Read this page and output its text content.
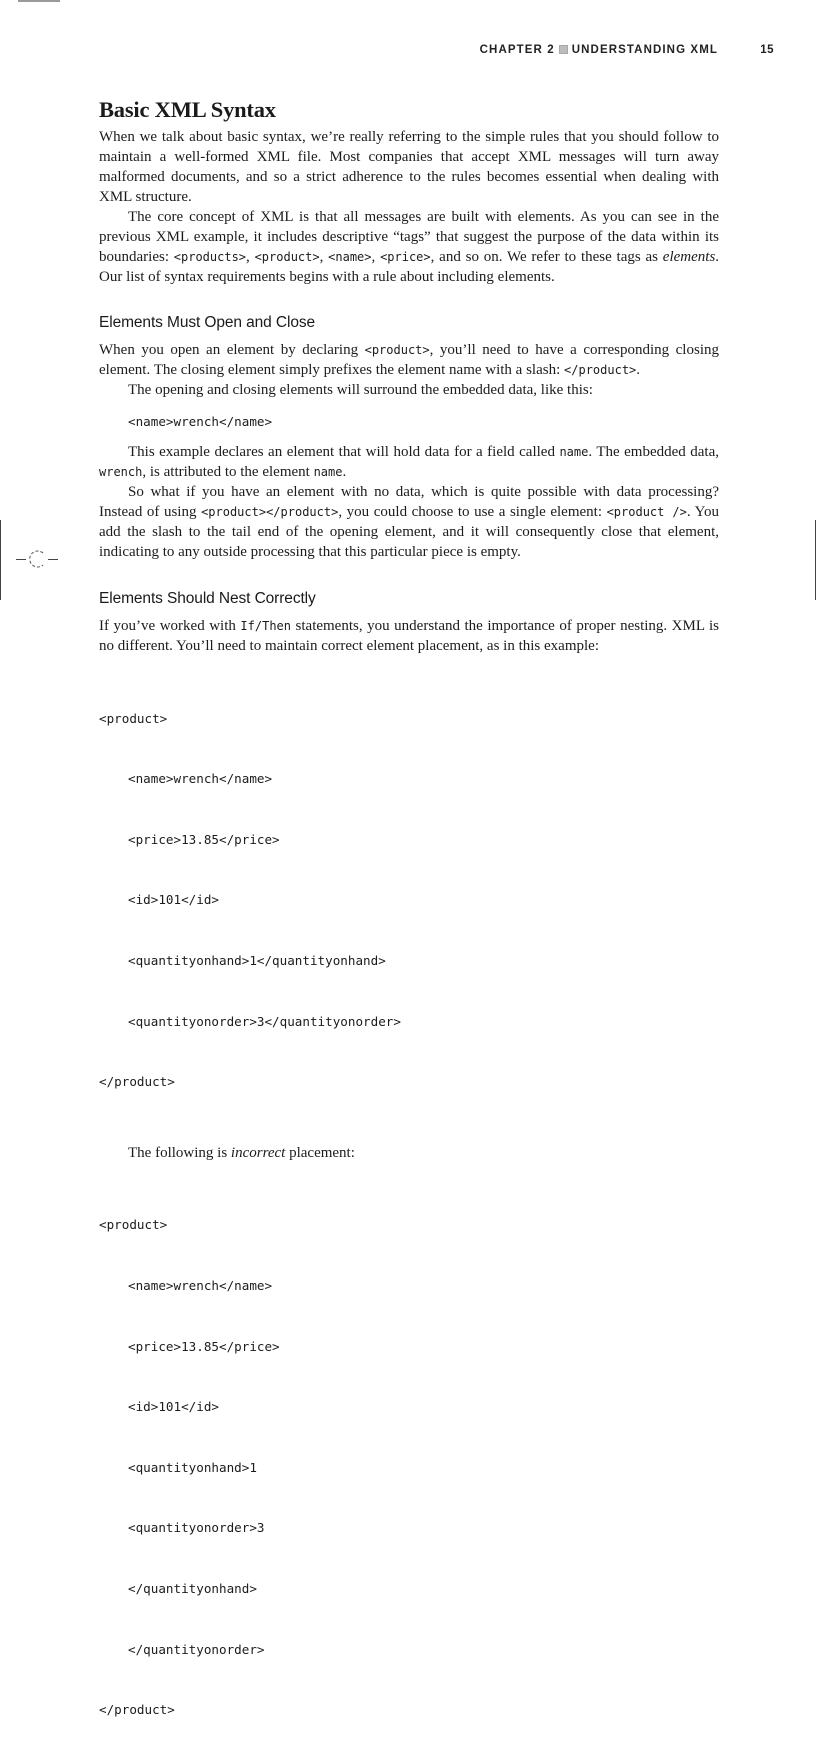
CHAPTER 2 UNDERSTANDING XML	15
Basic XML Syntax

When we talk about basic syntax, we’re really referring to the simple rules that you should follow to maintain a well-formed XML file. Most companies that accept XML messages will turn away malformed documents, and so a strict adherence to the rules becomes essential when dealing with XML structure.

The core concept of XML is that all messages are built with elements. As you can see in the previous XML example, it includes descriptive “tags” that suggest the purpose of the data within its boundaries: <products>, <product>, <name>, <price>, and so on. We refer to these tags as elements. Our list of syntax requirements begins with a rule about including elements.

Elements Must Open and Close

When you open an element by declaring <product>, you’ll need to have a corresponding closing element. The closing element simply prefixes the element name with a slash: </product>.

The opening and closing elements will surround the embedded data, like this:

<name>wrench</name>

This example declares an element that will hold data for a field called name. The embedded data, wrench, is attributed to the element name.

So what if you have an element with no data, which is quite possible with data processing? Instead of using <product></product>, you could choose to use a single element: <product />. You add the slash to the tail end of the opening element, and it will consequently close that element, indicating to any outside processing that this particular piece is empty.

Elements Should Nest Correctly

If you’ve worked with If/Then statements, you understand the importance of proper nesting. XML is no different. You’ll need to maintain correct element placement, as in this example:

<product>

<name>wrench</name>

<price>13.85</price>

<id>101</id>

<quantityonhand>1</quantityonhand>

<quantityonorder>3</quantityonorder>

</product>

The following is incorrect placement:

<product>

<name>wrench</name>

<price>13.85</price>

<id>101</id>

<quantityonhand>1

<quantityonorder>3

</quantityonhand>

</quantityonorder>

</product>
